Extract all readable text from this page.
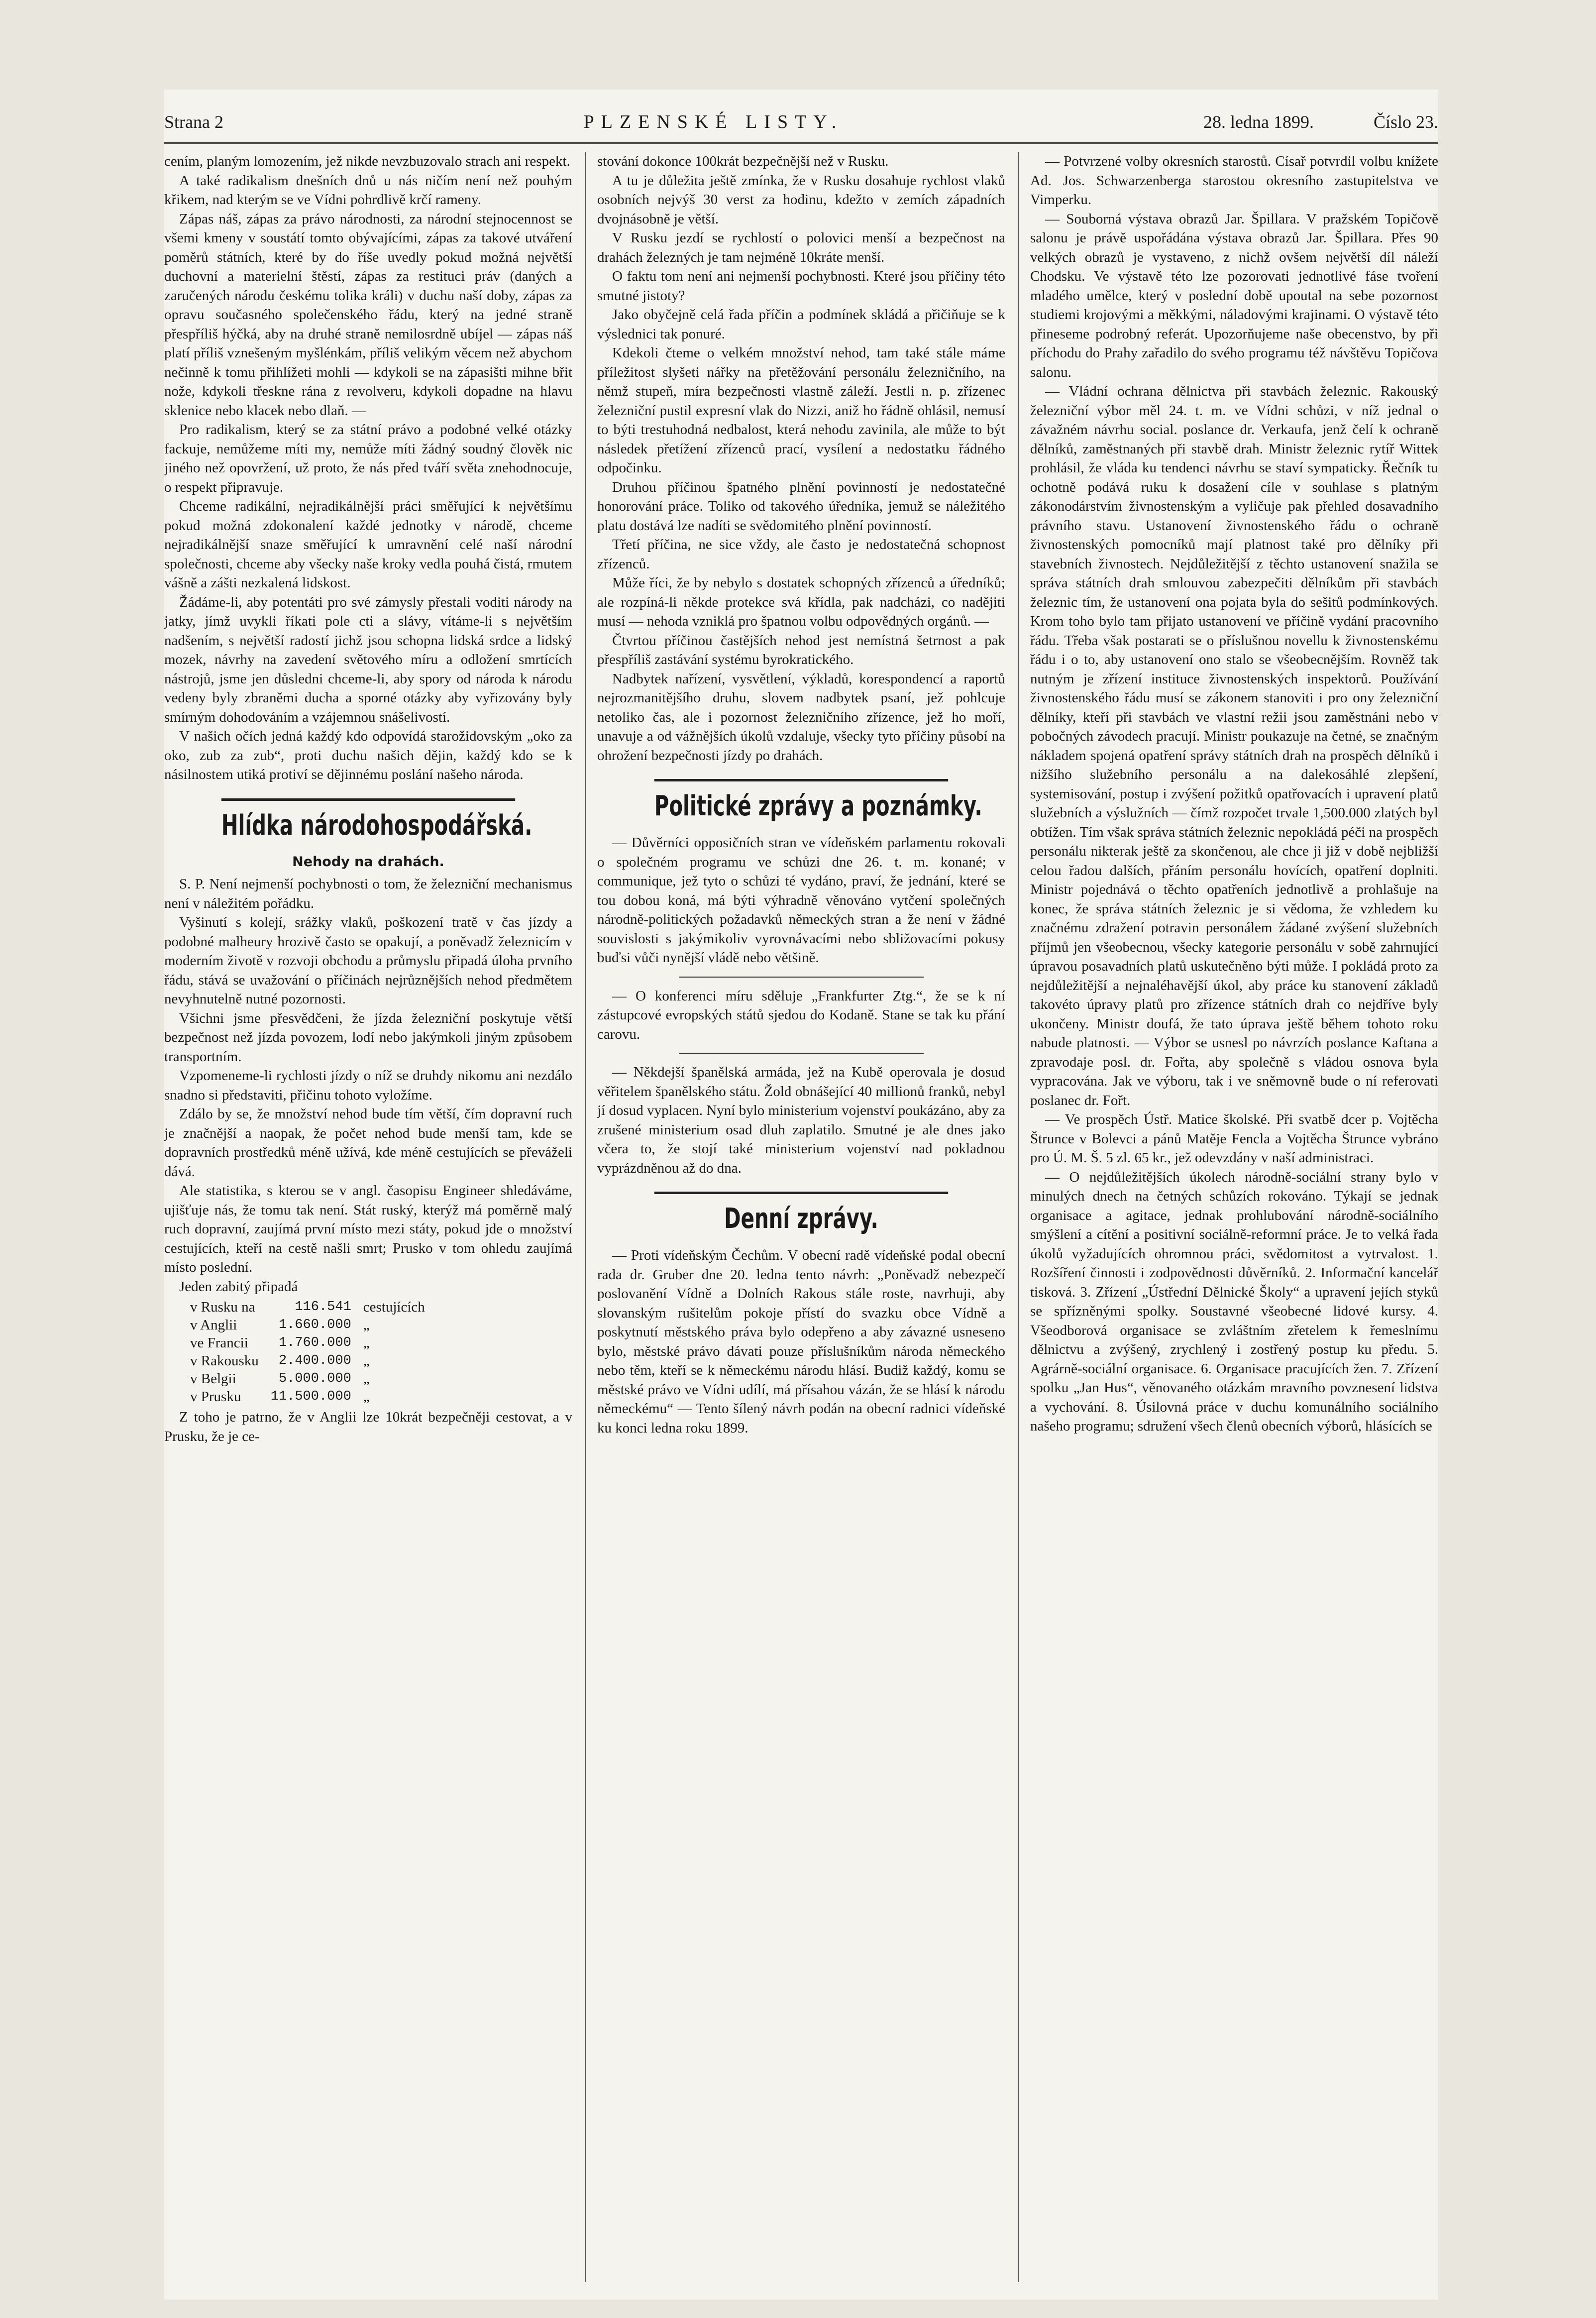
Strana 2	PLZENSKÉ LISTY.	28. ledna 1899.	Číslo 23.

cením, planým lomozením, jež nikde nevzbuzovalo strach ani respekt.

A také radikalism dnešních dnů u nás ničím není než pouhým křikem, nad kterým se ve Vídni pohrdlivě krčí rameny.

Zápas náš, zápas za právo národnosti, za národní stejnocennost se všemi kmeny v soustátí tomto obývajícími, zápas za takové utváření poměrů státních, které by do říše uvedly pokud možná největší duchovní a materielní štěstí, zápas za restituci práv (daných a zaručených národu českému tolika králi) v duchu naší doby, zápas za opravu současného společenského řádu, který na jedné straně přespříliš hýčká, aby na druhé straně nemilosrdně ubíjel — zápas náš platí příliš vznešeným myšlénkám, příliš velikým věcem než abychom nečinně k tomu přihlížeti mohli — kdykoli se na zápasišti mihne břit nože, kdykoli třeskne rána z revolveru, kdykoli dopadne na hlavu sklenice nebo klacek nebo dlaň. —

Pro radikalism, který se za státní právo a podobné velké otázky fackuje, nemůžeme míti my, nemůže míti žádný soudný člověk nic jiného než opovržení, už proto, že nás před tváří světa znehodnocuje, o respekt připravuje.

Chceme radikální, nejradikálnější práci směřující k největšímu pokud možná zdokonalení každé jednotky v národě, chceme nejradikálnější snaze směřující k umravnění celé naší národní společnosti, chceme aby všecky naše kroky vedla pouhá čistá, rmutem vášně a zášti nezkalená lidskost.

Žádáme-li, aby potentáti pro své zámysly přestali voditi národy na jatky, jímž uvykli říkati pole cti a slávy, vítáme-li s největším nadšením, s největší radostí jichž jsou schopna lidská srdce a lidský mozek, návrhy na zavedení světového míru a odložení smrtících nástrojů, jsme jen důsledni chceme-li, aby spory od národa k národu vedeny byly zbraněmi ducha a sporné otázky aby vyřizovány byly smírným dohodováním a vzájemnou snášelivostí.

V našich očích jedná každý kdo odpovídá starožidovským „oko za oko, zub za zub“, proti duchu našich dějin, každý kdo se k násilnostem utiká protiví se dějinnému poslání našeho národa.

Hlídka národohospodářská.
Nehody na drahách.

S. P. Není nejmenší pochybnosti o tom, že železniční mechanismus není v náležitém pořádku.

Vyšinutí s kolejí, srážky vlaků, poškození tratě v čas jízdy a podobné malheury hrozivě často se opakují, a poněvadž železnicím v moderním životě v rozvoji obchodu a průmyslu připadá úloha prvního řádu, stává se uvažování o příčinách nejrůznějších nehod předmětem nevyhnutelně nutné pozornosti.

Všichni jsme přesvědčeni, že jízda železniční poskytuje větší bezpečnost než jízda povozem, lodí nebo jakýmkoli jiným způsobem transportním.

Vzpomeneme-li rychlosti jízdy o níž se druhdy nikomu ani nezdálo snadno si představiti, přičinu tohoto vyložíme.

Zdálo by se, že množství nehod bude tím větší, čím dopravní ruch je značnější a naopak, že počet nehod bude menší tam, kde se dopravních prostředků méně užívá, kde méně cestujících se převáželi dává.

Ale statistika, s kterou se v angl. časopisu Engineer shledáváme, ujišťuje nás, že tomu tak není. Stát ruský, kterýž má poměrně malý ruch dopravní, zaujímá první místo mezi státy, pokud jde o množství cestujících, kteří na cestě našli smrt; Prusko v tom ohledu zaujímá místo poslední.

Jeden zabitý připadá

v Rusku na	116.541	cestujících
v Anglii	1.660.000	„
ve Francii	1.760.000	„
v Rakousku	2.400.000	„
v Belgii	5.000.000	„
v Prusku	11.500.000	„

Z toho je patrno, že v Anglii lze 10krát bezpečněji cestovat, a v Prusku, že je ce-

stování dokonce 100krát bezpečnější než v Rusku.

A tu je důležita ještě zmínka, že v Rusku dosahuje rychlost vlaků osobních nejvýš 30 verst za hodinu, kdežto v zemích západních dvojnásobně je větší.

V Rusku jezdí se rychlostí o polovici menší a bezpečnost na drahách železných je tam nejméně 10kráte menší.

O faktu tom není ani nejmenší pochybnosti. Které jsou příčiny této smutné jistoty?

Jako obyčejně celá řada příčin a podmínek skládá a přičiňuje se k výslednici tak ponuré.

Kdekoli čteme o velkém množství nehod, tam také stále máme příležitost slyšeti nářky na přetěžování personálu železničního, na němž stupeň, míra bezpečnosti vlastně záleží. Jestli n. p. zřízenec železniční pustil expresní vlak do Nizzi, aniž ho řádně ohlásil, nemusí to býti trestuhodná nedbalost, která nehodu zavinila, ale může to být následek přetížení zřízenců prací, vysílení a nedostatku řádného odpočinku.

Druhou příčinou špatného plnění povinností je nedostatečné honorování práce. Toliko od takového úředníka, jemuž se náležitého platu dostává lze nadíti se svědomitého plnění povinností.

Třetí příčina, ne sice vždy, ale často je nedostatečná schopnost zřízenců.

Může říci, že by nebylo s dostatek schopných zřízenců a úředníků; ale rozpíná-li někde protekce svá křídla, pak nadcházi, co nadějiti musí — nehoda vzniklá pro špatnou volbu odpovědných orgánů. —

Čtvrtou příčinou častějších nehod jest nemístná šetrnost a pak přespříliš zastávání systému byrokratického.

Nadbytek nařízení, vysvětlení, výkladů, korespondencí a raportů nejrozmanitějšího druhu, slovem nadbytek psaní, jež pohlcuje netoliko čas, ale i pozornost železničního zřízence, jež ho moří, unavuje a od vážnějších úkolů vzdaluje, všecky tyto příčiny působí na ohrožení bezpečnosti jízdy po drahách.

Politické zprávy a poznámky.

— Důvěrníci opposičních stran ve vídeňském parlamentu rokovali o společném programu ve schůzi dne 26. t. m. konané; v communique, jež tyto o schůzi té vydáno, praví, že jednání, které se tou dobou koná, má býti výhradně věnováno vytčení společných národně-politických požadavků německých stran a že není v žádné souvislosti s jakýmikoliv vyrovnávacími nebo sbližovacími pokusy buďsi vůči nynější vládě nebo většině.

— O konferenci míru sděluje „Frankfurter Ztg.“, že se k ní zástupcové evropských států sjedou do Kodaně. Stane se tak ku přání carovu.

— Někdejší španělská armáda, jež na Kubě operovala je dosud věřitelem španělského státu. Žold obnášející 40 millionů franků, nebyl jí dosud vyplacen. Nyní bylo ministerium vojenství poukázáno, aby za zrušené ministerium osad dluh zaplatilo. Smutné je ale dnes jako včera to, že stojí také ministerium vojenství nad pokladnou vyprázdněnou až do dna.

Denní zprávy.

— Proti vídeňským Čechům. V obecní radě vídeňské podal obecní rada dr. Gruber dne 20. ledna tento návrh: „Poněvadž nebezpečí poslovanění Vídně a Dolních Rakous stále roste, navrhuji, aby slovanským rušitelům pokoje přístí do svazku obce Vídně a poskytnutí městského práva bylo odepřeno a aby závazné usneseno bylo, městské právo dávati pouze příslušníkům národa německého nebo těm, kteří se k německému národu hlásí. Budiž každý, komu se městské právo ve Vídni udílí, má přísahou vázán, že se hlásí k národu německému“ — Tento šílený návrh podán na obecní radnici vídeňské ku konci ledna roku 1899.

— Potvrzené volby okresních starostů. Císař potvrdil volbu knížete Ad. Jos. Schwarzenberga starostou okresního zastupitelstva ve Vimperku.

— Souborná výstava obrazů Jar. Špillara. V pražském Topičově salonu je právě uspořádána výstava obrazů Jar. Špillara. Přes 90 velkých obrazů je vystaveno, z nichž ovšem největší díl náleží Chodsku. Ve výstavě této lze pozorovati jednotlivé fáse tvoření mladého umělce, který v poslední době upoutal na sebe pozornost studiemi krojovými a měkkými, náladovými krajinami. O výstavě této přineseme podrobný referát. Upozorňujeme naše obecenstvo, by při příchodu do Prahy zařadilo do svého programu též návštěvu Topičova salonu.

— Vládní ochrana dělnictva při stavbách železnic. Rakouský železniční výbor měl 24. t. m. ve Vídni schůzi, v níž jednal o závažném návrhu social. poslance dr. Verkaufa, jenž čelí k ochraně dělníků, zaměstnaných při stavbě drah. Ministr železnic rytíř Wittek prohlásil, že vláda ku tendenci návrhu se staví sympaticky. Řečník tu ochotně podává ruku k dosažení cíle v souhlase s platným zákonodárstvím živnostenským a vyličuje pak přehled dosavadního právního stavu. Ustanovení živnostenského řádu o ochraně živnostenských pomocníků mají platnost také pro dělníky při stavebních živnostech. Nejdůležitější z těchto ustanovení snažila se správa státních drah smlouvou zabezpečiti dělníkům při stavbách železnic tím, že ustanovení ona pojata byla do sešitů podmínkových. Krom toho bylo tam přijato ustanovení ve příčině vydání pracovního řádu. Třeba však postarati se o příslušnou novellu k živnostenskému řádu i o to, aby ustanovení ono stalo se všeobecnějším. Rovněž tak nutným je zřízení instituce živnostenských inspektorů. Používání živnostenského řádu musí se zákonem stanoviti i pro ony železniční dělníky, kteří při stavbách ve vlastní režii jsou zaměstnáni nebo v pobočných závodech pracují. Ministr poukazuje na četné, se značným nákladem spojená opatření správy státních drah na prospěch dělníků i nižšího služebního personálu a na dalekosáhlé zlepšení, systemisování, postup i zvýšení požitků opatřovacích i upravení platů služebních a výslužních — čímž rozpočet trvale 1,500.000 zlatých byl obtížen. Tím však správa státních železnic nepokládá péči na prospěch personálu nikterak ještě za skončenou, ale chce ji již v době nejbližší celou řadou dalších, přáním personálu hovících, opatření doplniti. Ministr pojednává o těchto opatřeních jednotlivě a prohlašuje na konec, že správa státních železnic je si vědoma, že vzhledem ku značnému zdražení potravin personálem žádané zvýšení služebních příjmů jen všeobecnou, všecky kategorie personálu v sobě zahrnující úpravou posavadních platů uskutečněno býti může. I pokládá proto za nejdůležitější a nejnaléhavější úkol, aby práce ku stanovení základů takovéto úpravy platů pro zřízence státních drah co nejdříve byly ukončeny. Ministr doufá, že tato úprava ještě během tohoto roku nabude platnosti. — Výbor se usnesl po návrzích poslance Kaftana a zpravodaje posl. dr. Fořta, aby společně s vládou osnova byla vypracována. Jak ve výboru, tak i ve sněmovně bude o ní referovati poslanec dr. Fořt.

— Ve prospěch Ústř. Matice školské. Při svatbě dcer p. Vojtěcha Štrunce v Bolevci a pánů Matěje Fencla a Vojtěcha Štrunce vybráno pro Ú. M. Š. 5 zl. 65 kr., jež odevzdány v naší administraci.

— O nejdůležitějších úkolech národně-sociální strany bylo v minulých dnech na četných schůzích rokováno. Týkají se jednak organisace a agitace, jednak prohlubování národně-sociálního smýšlení a cítění a positivní sociálně-reformní práce. Je to velká řada úkolů vyžadujících ohromnou práci, svědomitost a vytrvalost. 1. Rozšíření činnosti i zodpovědnosti důvěrníků. 2. Informační kancelář tisková. 3. Zřízení „Ústřední Dělnické Školy“ a upravení jejích styků se spřízněnými spolky. Soustavné všeobecné lidové kursy. 4. Všeodborová organisace se zvláštním zřetelem k řemeslnímu dělnictvu a zvýšený, zrychlený i zostřený postup ku předu. 5. Agrárně-sociální organisace. 6. Organisace pracujících žen. 7. Zřízení spolku „Jan Hus“, věnovaného otázkám mravního povznesení lidstva a vychování. 8. Úsilovná práce v duchu komunálního sociálního našeho programu; sdružení všech členů obecních výborů, hlásících se
